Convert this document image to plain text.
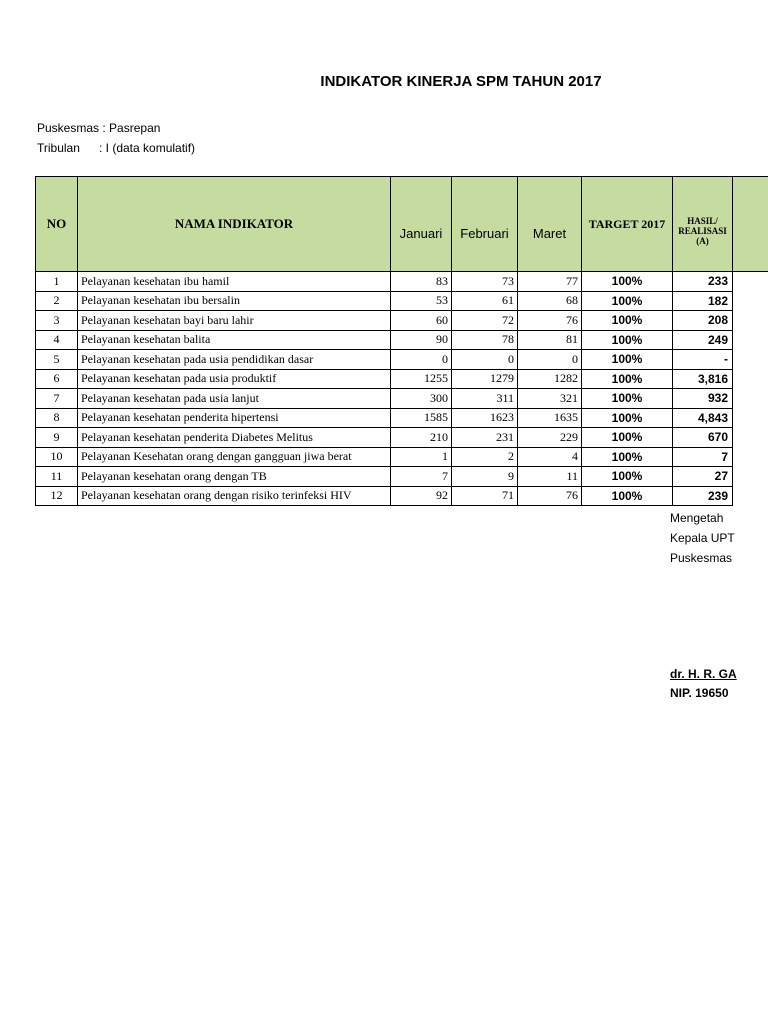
INDIKATOR KINERJA SPM TAHUN 2017
Puskesmas : Pasrepan
Tribulan : I (data komulatif)
NO	NAMA INDIKATOR	Januari	Februari	Maret	TARGET 2017	HASIL/ REALISASI (A)	
1	Pelayanan kesehatan ibu hamil	83	73	77	100%	233	
2	Pelayanan kesehatan ibu bersalin	53	61	68	100%	182	
3	Pelayanan kesehatan bayi baru lahir	60	72	76	100%	208	
4	Pelayanan kesehatan balita	90	78	81	100%	249	
5	Pelayanan kesehatan pada usia pendidikan dasar	0	0	0	100%	-	
6	Pelayanan kesehatan pada usia produktif	1255	1279	1282	100%	3,816	
7	Pelayanan kesehatan pada usia lanjut	300	311	321	100%	932	
8	Pelayanan kesehatan penderita hipertensi	1585	1623	1635	100%	4,843	
9	Pelayanan kesehatan penderita Diabetes Melitus	210	231	229	100%	670	
10	Pelayanan Kesehatan orang dengan gangguan jiwa berat	1	2	4	100%	7	
11	Pelayanan kesehatan orang dengan TB	7	9	11	100%	27	
12	Pelayanan kesehatan orang dengan risiko terinfeksi HIV	92	71	76	100%	239	
Mengetah
Kepala UPT
Puskesmas
dr. H. R. GA
NIP. 19650
